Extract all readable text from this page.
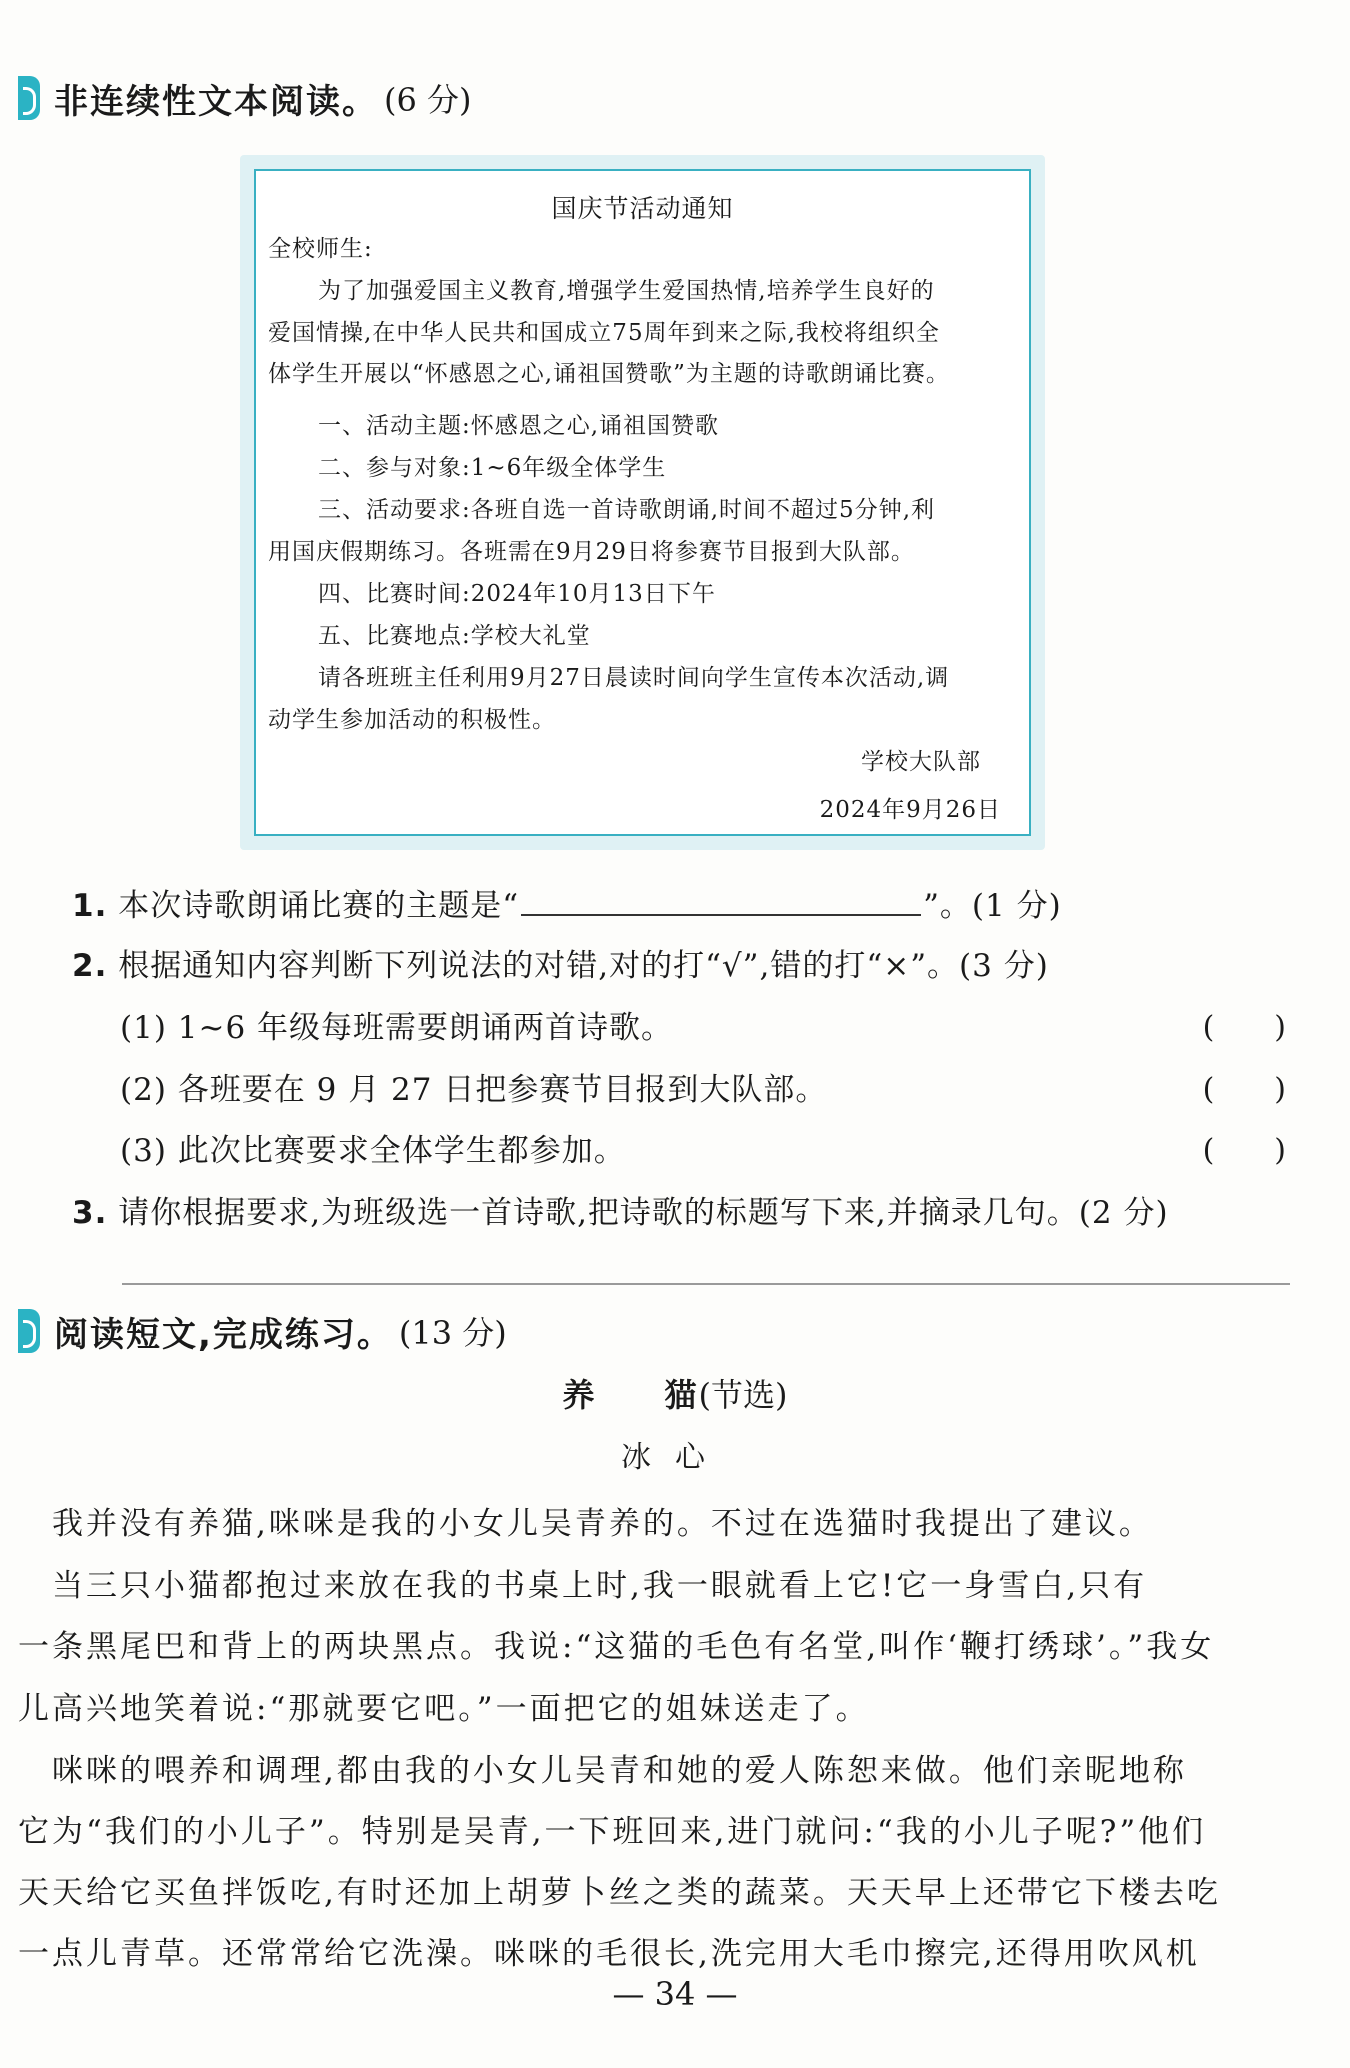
非连续性文本阅读。 (6 分)
国庆节活动通知
全校师生:
为了加强爱国主义教育,增强学生爱国热情,培养学生良好的
爱国情操,在中华人民共和国成立75周年到来之际,我校将组织全
体学生开展以“怀感恩之心,诵祖国赞歌”为主题的诗歌朗诵比赛。
一、活动主题:怀感恩之心,诵祖国赞歌
二、参与对象:1~6年级全体学生
三、活动要求:各班自选一首诗歌朗诵,时间不超过5分钟,利
用国庆假期练习。各班需在9月29日将参赛节目报到大队部。
四、比赛时间:2024年10月13日下午
五、比赛地点:学校大礼堂
请各班班主任利用9月27日晨读时间向学生宣传本次活动,调
动学生参加活动的积极性。
学校大队部
2024年9月26日
1. 本次诗歌朗诵比赛的主题是“	”。(1 分)
2. 根据通知内容判断下列说法的对错,对的打“√”,错的打“×”。(3 分)
(1) 1~6 年级每班需要朗诵两首诗歌。	(　　)
(2) 各班要在 9 月 27 日把参赛节目报到大队部。	(　　)
(3) 此次比赛要求全体学生都参加。	(　　)
3. 请你根据要求,为班级选一首诗歌,把诗歌的标题写下来,并摘录几句。(2 分)
阅读短文,完成练习。 (13 分)
养　　猫(节选)
冰心
　我并没有养猫,咪咪是我的小女儿吴青养的。不过在选猫时我提出了建议。
　当三只小猫都抱过来放在我的书桌上时,我一眼就看上它!它一身雪白,只有
一条黑尾巴和背上的两块黑点。我说:“这猫的毛色有名堂,叫作‘鞭打绣球’。”我女
儿高兴地笑着说:“那就要它吧。”一面把它的姐妹送走了。
　咪咪的喂养和调理,都由我的小女儿吴青和她的爱人陈恕来做。他们亲昵地称
它为“我们的小儿子”。特别是吴青,一下班回来,进门就问:“我的小儿子呢?”他们
天天给它买鱼拌饭吃,有时还加上胡萝卜丝之类的蔬菜。天天早上还带它下楼去吃
一点儿青草。还常常给它洗澡。咪咪的毛很长,洗完用大毛巾擦完,还得用吹风机
— 34 —
